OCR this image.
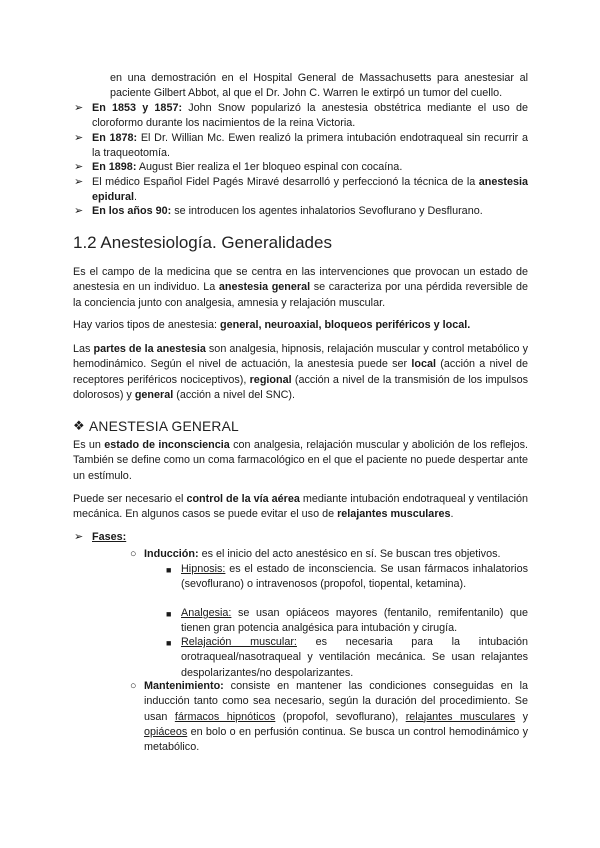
en una demostración en el Hospital General de Massachusetts para anestesiar al paciente Gilbert Abbot, al que el Dr. John C. Warren le extirpó un tumor del cuello.
➢ En 1853 y 1857: John Snow popularizó la anestesia obstétrica mediante el uso de cloroformo durante los nacimientos de la reina Victoria.
➢ En 1878: El Dr. Willian Mc. Ewen realizó la primera intubación endotraqueal sin recurrir a la traqueotomía.
➢ En 1898: August Bier realiza el 1er bloqueo espinal con cocaína.
➢ El médico Español Fidel Pagés Miravé desarrolló y perfeccionó la técnica de la anestesia epidural.
➢ En los años 90: se introducen los agentes inhalatorios Sevoflurano y Desflurano.
1.2 Anestesiología. Generalidades
Es el campo de la medicina que se centra en las intervenciones que provocan un estado de anestesia en un individuo. La anestesia general se caracteriza por una pérdida reversible de la conciencia junto con analgesia, amnesia y relajación muscular.
Hay varios tipos de anestesia: general, neuroaxial, bloqueos periféricos y local.
Las partes de la anestesia son analgesia, hipnosis, relajación muscular y control metabólico y hemodinámico. Según el nivel de actuación, la anestesia puede ser local (acción a nivel de receptores periféricos nociceptivos), regional (acción a nivel de la transmisión de los impulsos dolorosos) y general (acción a nivel del SNC).
❖ ANESTESIA GENERAL
Es un estado de inconsciencia con analgesia, relajación muscular y abolición de los reflejos. También se define como un coma farmacológico en el que el paciente no puede despertar ante un estímulo.
Puede ser necesario el control de la vía aérea mediante intubación endotraqueal y ventilación mecánica. En algunos casos se puede evitar el uso de relajantes musculares.
➢ Fases:
○ Inducción: es el inicio del acto anestésico en sí. Se buscan tres objetivos.
■ Hipnosis: es el estado de inconsciencia. Se usan fármacos inhalatorios (sevoflurano) o intravenosos (propofol, tiopental, ketamina).
■ Analgesia: se usan opiáceos mayores (fentanilo, remifentanilo) que tienen gran potencia analgésica para intubación y cirugía.
■ Relajación muscular: es necesaria para la intubación orotraqueal/nasotraqueal y ventilación mecánica. Se usan relajantes despolarizantes/no despolarizantes.
○ Mantenimiento: consiste en mantener las condiciones conseguidas en la inducción tanto como sea necesario, según la duración del procedimiento. Se usan fármacos hipnóticos (propofol, sevoflurano), relajantes musculares y opiáceos en bolo o en perfusión continua. Se busca un control hemodinámico y metabólico.
